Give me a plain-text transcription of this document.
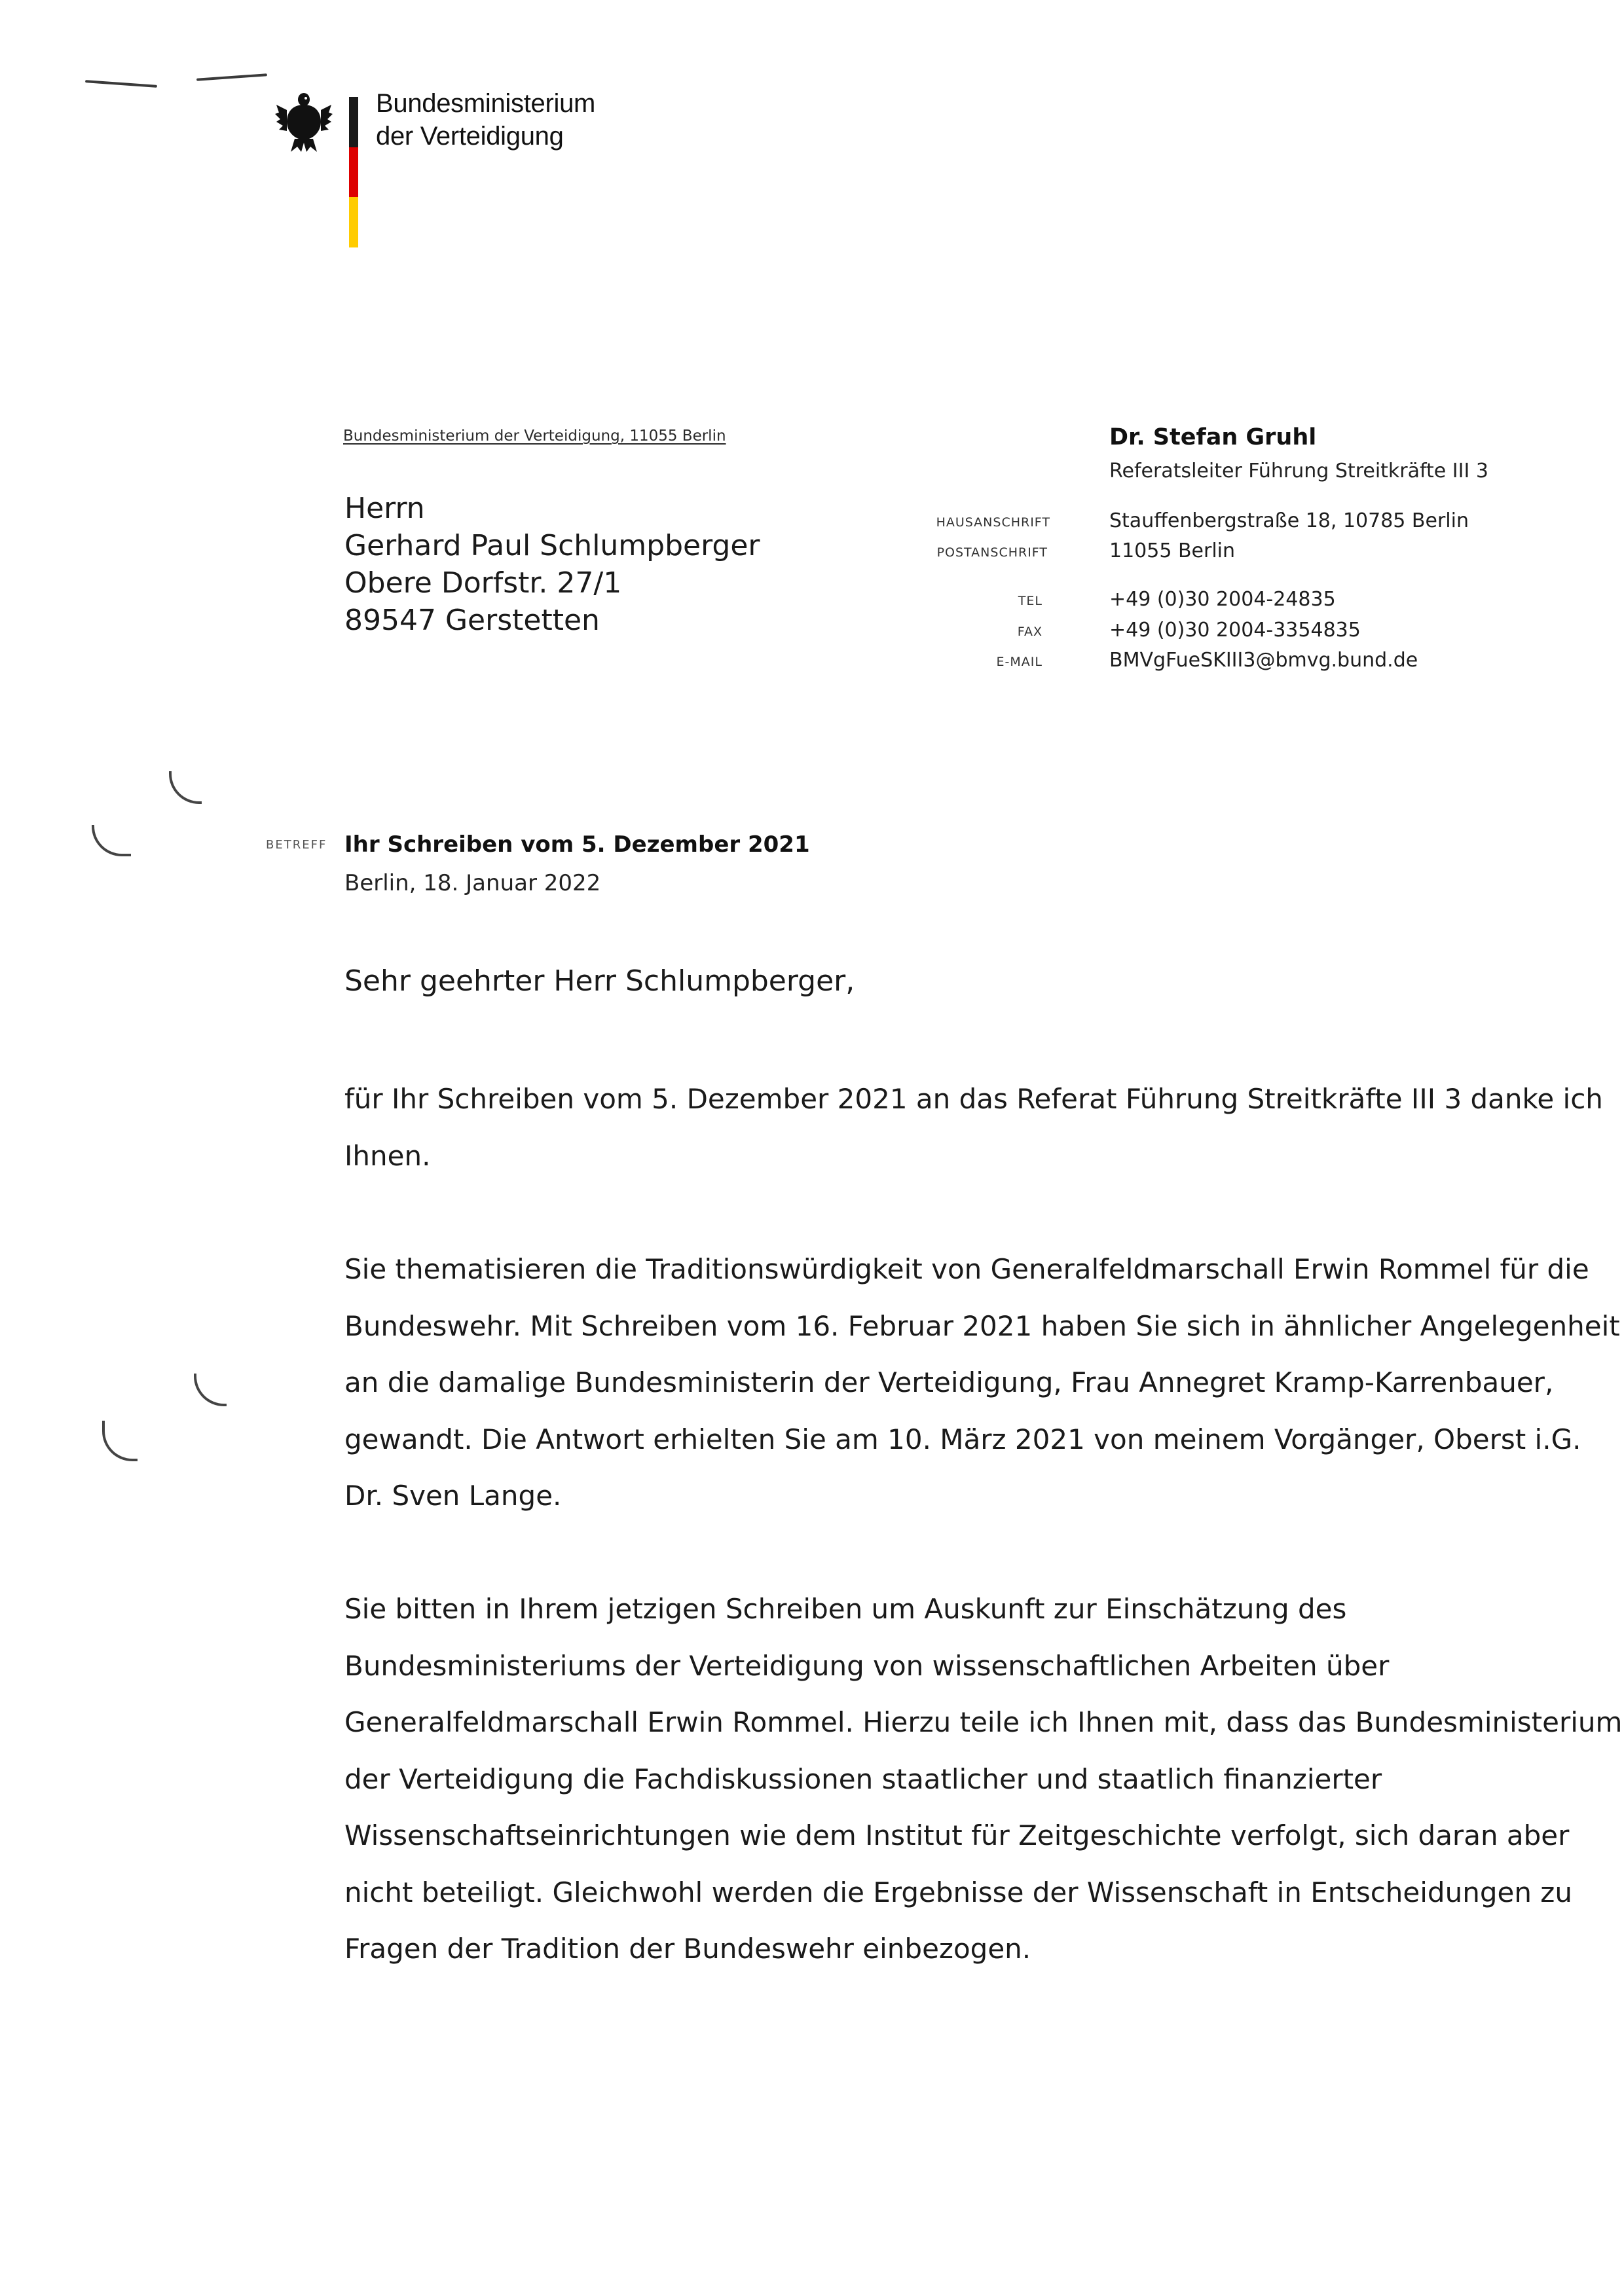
Bundesministerium
der Verteidigung
Bundesministerium der Verteidigung, 11055 Berlin
Herrn
Gerhard Paul Schlumpberger
Obere Dorfstr. 27/1
89547 Gerstetten
Dr. Stefan Gruhl
Referatsleiter Führung Streitkräfte III 3
HAUSANSCHRIFT	Stauffenbergstraße 18, 10785 Berlin
POSTANSCHRIFT	11055 Berlin
TEL	+49 (0)30 2004-24835
FAX	+49 (0)30 2004-3354835
E-MAIL	BMVgFueSKIII3@bmvg.bund.de
BETREFF Ihr Schreiben vom 5. Dezember 2021
Berlin, 18. Januar 2022
Sehr geehrter Herr Schlumpberger,
für Ihr Schreiben vom 5. Dezember 2021 an das Referat Führung Streitkräfte III 3 danke ich
Ihnen.
Sie thematisieren die Traditionswürdigkeit von Generalfeldmarschall Erwin Rommel für die
Bundeswehr. Mit Schreiben vom 16. Februar 2021 haben Sie sich in ähnlicher Angelegenheit
an die damalige Bundesministerin der Verteidigung, Frau Annegret Kramp-Karrenbauer,
gewandt. Die Antwort erhielten Sie am 10. März 2021 von meinem Vorgänger, Oberst i.G.
Dr. Sven Lange.
Sie bitten in Ihrem jetzigen Schreiben um Auskunft zur Einschätzung des
Bundesministeriums der Verteidigung von wissenschaftlichen Arbeiten über
Generalfeldmarschall Erwin Rommel. Hierzu teile ich Ihnen mit, dass das Bundesministerium
der Verteidigung die Fachdiskussionen staatlicher und staatlich finanzierter
Wissenschaftseinrichtungen wie dem Institut für Zeitgeschichte verfolgt, sich daran aber
nicht beteiligt. Gleichwohl werden die Ergebnisse der Wissenschaft in Entscheidungen zu
Fragen der Tradition der Bundeswehr einbezogen.
